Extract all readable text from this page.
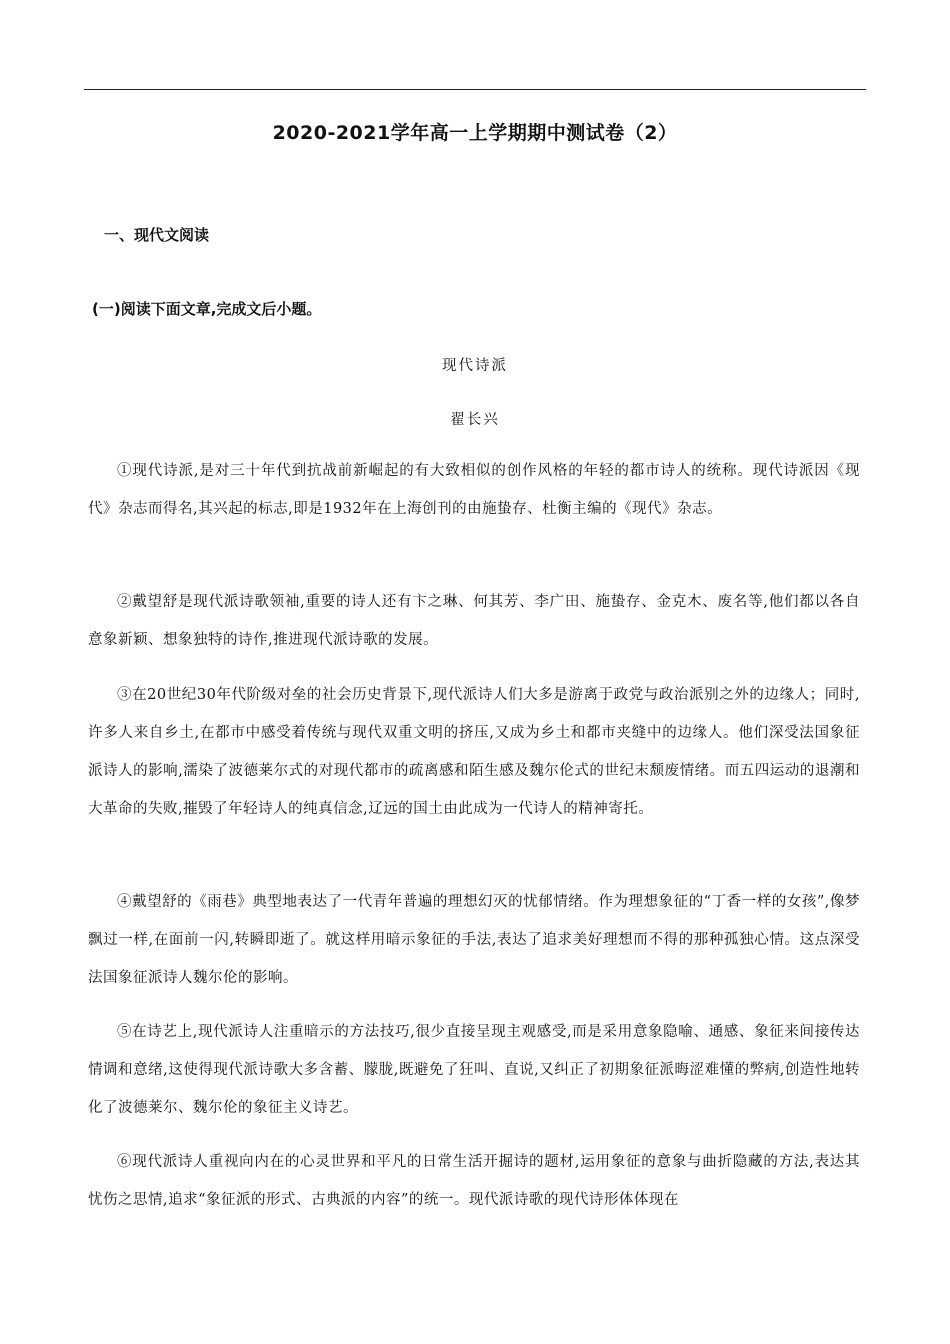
2020-2021学年高一上学期期中测试卷（2）
一、现代文阅读
(一)阅读下面文章,完成文后小题。
现代诗派
翟长兴
①现代诗派,是对三十年代到抗战前新崛起的有大致相似的创作风格的年轻的都市诗人的统称。现代诗派因《现代》杂志而得名,其兴起的标志,即是1932年在上海创刊的由施蛰存、杜衡主编的《现代》杂志。
②戴望舒是现代派诗歌领袖,重要的诗人还有卞之琳、何其芳、李广田、施蛰存、金克木、废名等,他们都以各自意象新颖、想象独特的诗作,推进现代派诗歌的发展。
③在20世纪30年代阶级对垒的社会历史背景下,现代派诗人们大多是游离于政党与政治派别之外的边缘人；同时,许多人来自乡土,在都市中感受着传统与现代双重文明的挤压,又成为乡土和都市夹缝中的边缘人。他们深受法国象征派诗人的影响,濡染了波德莱尔式的对现代都市的疏离感和陌生感及魏尔伦式的世纪末颓废情绪。而五四运动的退潮和大革命的失败,摧毁了年轻诗人的纯真信念,辽远的国土由此成为一代诗人的精神寄托。
④戴望舒的《雨巷》典型地表达了一代青年普遍的理想幻灭的忧郁情绪。作为理想象征的“丁香一样的女孩”,像梦飘过一样,在面前一闪,转瞬即逝了。就这样用暗示象征的手法,表达了追求美好理想而不得的那种孤独心情。这点深受法国象征派诗人魏尔伦的影响。
⑤在诗艺上,现代派诗人注重暗示的方法技巧,很少直接呈现主观感受,而是采用意象隐喻、通感、象征来间接传达情调和意绪,这使得现代派诗歌大多含蓄、朦胧,既避免了狂叫、直说,又纠正了初期象征派晦涩难懂的弊病,创造性地转化了波德莱尔、魏尔伦的象征主义诗艺。
⑥现代派诗人重视向内在的心灵世界和平凡的日常生活开掘诗的题材,运用象征的意象与曲折隐藏的方法,表达其忧伤之思情,追求“象征派的形式、古典派的内容”的统一。现代派诗歌的现代诗形体体现在
